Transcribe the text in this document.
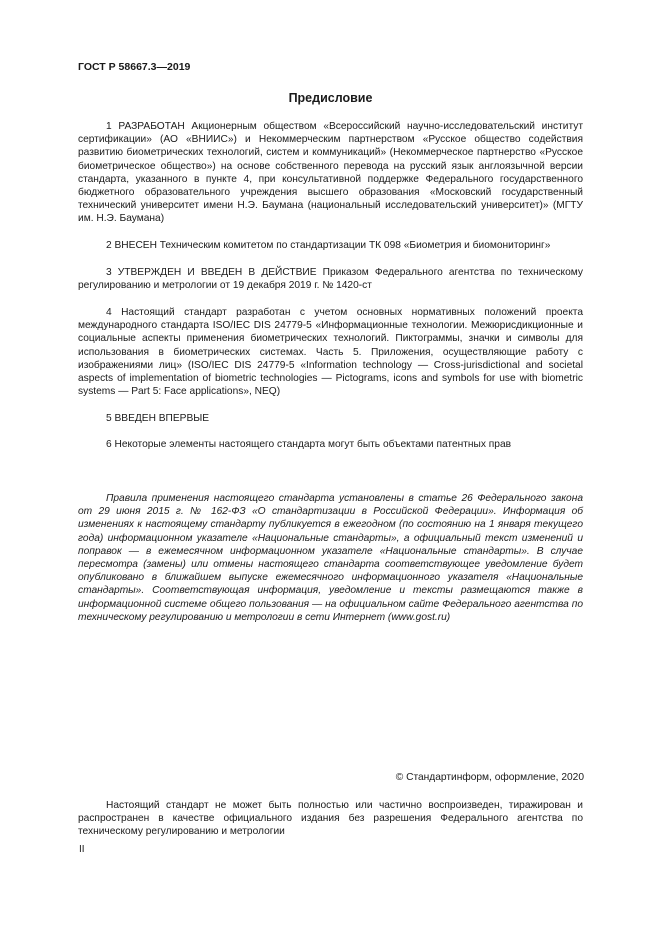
ГОСТ Р 58667.3—2019
Предисловие

1 РАЗРАБОТАН Акционерным обществом «Всероссийский научно-исследовательский институт сертификации» (АО «ВНИИС») и Некоммерческим партнерством «Русское общество содействия развитию биометрических технологий, систем и коммуникаций» (Некоммерческое партнерство «Русское биометрическое общество») на основе собственного перевода на русский язык англоязычной версии стандарта, указанного в пункте 4, при консультативной поддержке Федерального государственного бюджетного образовательного учреждения высшего образования «Московский государственный технический университет имени Н.Э. Баумана (национальный исследовательский университет)» (МГТУ им. Н.Э. Баумана)

2 ВНЕСЕН Техническим комитетом по стандартизации ТК 098 «Биометрия и биомониторинг»

3 УТВЕРЖДЕН И ВВЕДЕН В ДЕЙСТВИЕ Приказом Федерального агентства по техническому регулированию и метрологии от 19 декабря 2019 г. № 1420-ст

4 Настоящий стандарт разработан с учетом основных нормативных положений проекта международного стандарта ISO/IEC DIS 24779-5 «Информационные технологии. Межюрисдикционные и социальные аспекты применения биометрических технологий. Пиктограммы, значки и символы для использования в биометрических системах. Часть 5. Приложения, осуществляющие работу с изображениями лиц» (ISO/IEC DIS 24779-5 «Information technology — Cross-jurisdictional and societal aspects of implementation of biometric technologies — Pictograms, icons and symbols for use with biometric systems — Part 5: Face applications», NEQ)

5 ВВЕДЕН ВПЕРВЫЕ

6 Некоторые элементы настоящего стандарта могут быть объектами патентных прав

Правила применения настоящего стандарта установлены в статье 26 Федерального закона от 29 июня 2015 г. № 162-ФЗ «О стандартизации в Российской Федерации». Информация об изменениях к настоящему стандарту публикуется в ежегодном (по состоянию на 1 января текущего года) информационном указателе «Национальные стандарты», а официальный текст изменений и поправок — в ежемесячном информационном указателе «Национальные стандарты». В случае пересмотра (замены) или отмены настоящего стандарта соответствующее уведомление будет опубликовано в ближайшем выпуске ежемесячного информационного указателя «Национальные стандарты». Соответствующая информация, уведомление и тексты размещаются также в информационной системе общего пользования — на официальном сайте Федерального агентства по техническому регулированию и метрологии в сети Интернет (www.gost.ru)

© Стандартинформ, оформление, 2020

Настоящий стандарт не может быть полностью или частично воспроизведен, тиражирован и распространен в качестве официального издания без разрешения Федерального агентства по техническому регулированию и метрологии

II
